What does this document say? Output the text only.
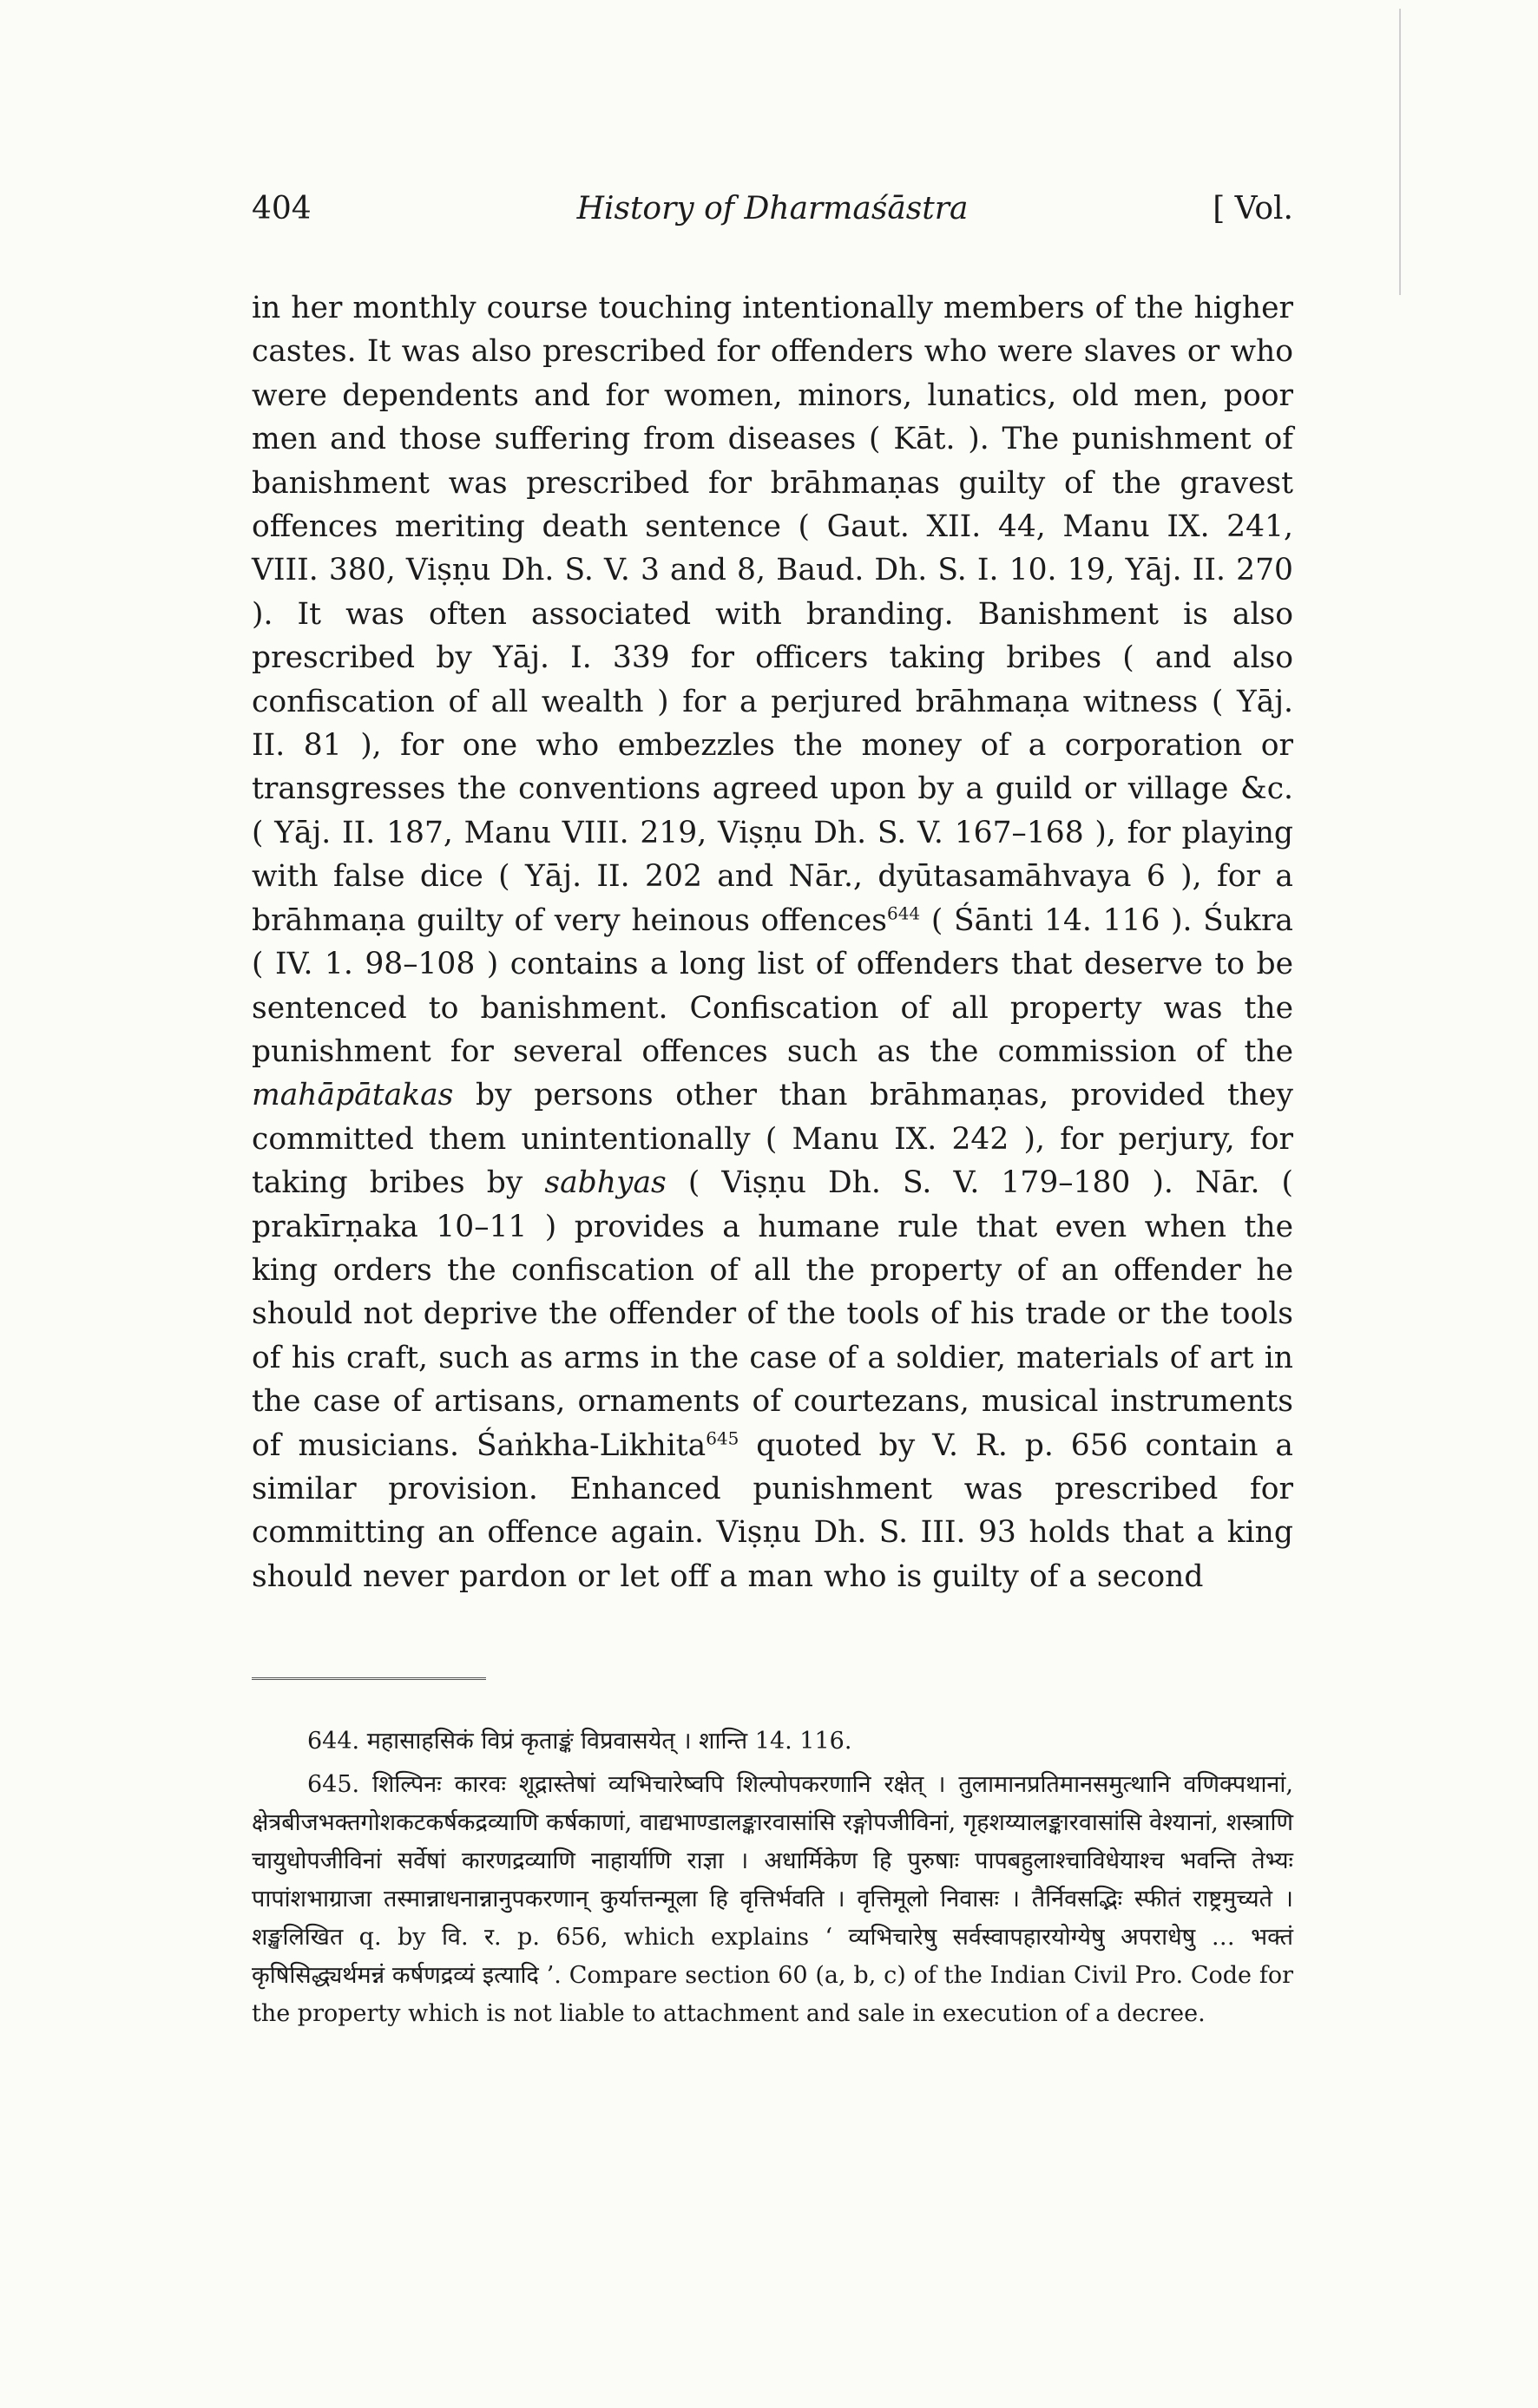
404	History of Dharmaśāstra	[ Vol.

in her monthly course touching intentionally members of the higher castes. It was also prescribed for offenders who were slaves or who were dependents and for women, minors, lunatics, old men, poor men and those suffering from diseases ( Kāt. ). The punishment of banishment was prescribed for brāhmaṇas guilty of the gravest offences meriting death sentence ( Gaut. XII. 44, Manu IX. 241, VIII. 380, Viṣṇu Dh. S. V. 3 and 8, Baud. Dh. S. I. 10. 19, Yāj. II. 270 ). It was often associated with branding. Banishment is also prescribed by Yāj. I. 339 for officers taking bribes ( and also confiscation of all wealth ) for a perjured brāhmaṇa witness ( Yāj. II. 81 ), for one who embezzles the money of a corporation or transgresses the conventions agreed upon by a guild or village &c. ( Yāj. II. 187, Manu VIII. 219, Viṣṇu Dh. S. V. 167–168 ), for playing with false dice ( Yāj. II. 202 and Nār., dyūtasamāhvaya 6 ), for a brāhmaṇa guilty of very heinous offences$^{644}$ ( Śānti 14. 116 ). Śukra ( IV. 1. 98–108 ) contains a long list of offenders that deserve to be sentenced to banishment. Confiscation of all property was the punishment for several offences such as the commission of the mahāpātakas by persons other than brāhmaṇas, provided they committed them unintentionally ( Manu IX. 242 ), for perjury, for taking bribes by sabhyas ( Viṣṇu Dh. S. V. 179–180 ). Nār. ( prakīrṇaka 10–11 ) provides a humane rule that even when the king orders the confiscation of all the property of an offender he should not deprive the offender of the tools of his trade or the tools of his craft, such as arms in the case of a soldier, materials of art in the case of artisans, ornaments of courtezans, musical instruments of musicians. Śaṅkha-Likhita$^{645}$ quoted by V. R. p. 656 contain a similar provision. Enhanced punishment was prescribed for committing an offence again. Viṣṇu Dh. S. III. 93 holds that a king should never pardon or let off a man who is guilty of a second

644. महासाहसिकं विप्रं कृताङ्कं विप्रवासयेत् । शान्ति 14. 116.

645. शिल्पिनः कारवः शूद्रास्तेषां व्यभिचारेष्वपि शिल्पोपकरणानि रक्षेत् । तुलामानप्रतिमानसमुत्थानि वणिक्पथानां, क्षेत्रबीजभक्तगोशकटकर्षकद्रव्याणि कर्षकाणां, वाद्यभाण्डालङ्कारवासांसि रङ्गोपजीविनां, गृहशय्यालङ्कारवासांसि वेश्यानां, शस्त्राणि चायुधोपजीविनां सर्वेषां कारणद्रव्याणि नाहार्याणि राज्ञा । अधार्मिकेण हि पुरुषाः पापबहुलाश्चाविधेयाश्च भवन्ति तेभ्यः पापांशभाग्राजा तस्मान्नाधनान्नानुपकरणान् कुर्यात्तन्मूला हि वृत्तिर्भवति । वृत्तिमूलो निवासः । तैर्निवसद्भिः स्फीतं राष्ट्रमुच्यते । शङ्खलिखित q. by वि. र. p. 656, which explains ‘ व्यभिचारेषु सर्वस्वापहारयोग्येषु अपराधेषु … भक्तं कृषिसिद्ध्यर्थमन्नं कर्षणद्रव्यं इत्यादि ’. Compare section 60 (a, b, c) of the Indian Civil Pro. Code for the property which is not liable to attachment and sale in execution of a decree.
